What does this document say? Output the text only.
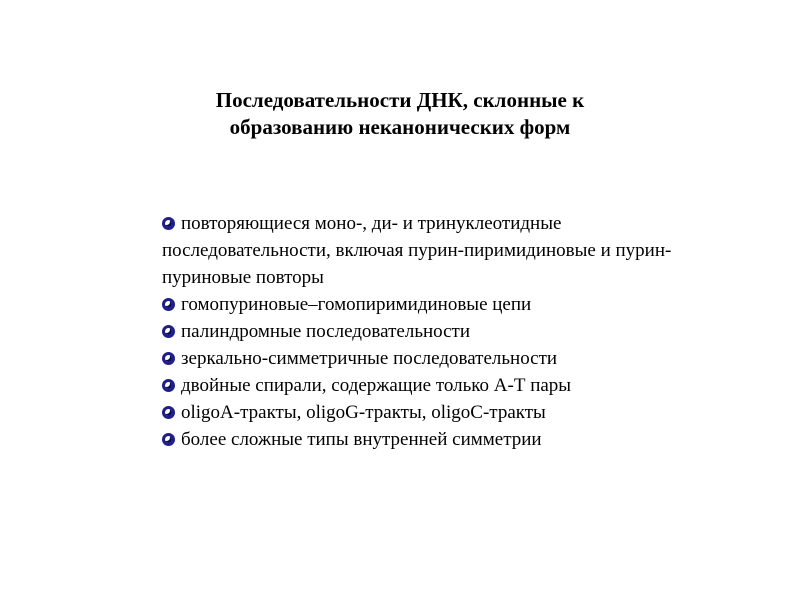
Последовательности ДНК, склонные к
образованию неканонических форм
повторяющиеся моно-, ди- и тринуклеотидные последовательности, включая пурин-пиримидиновые и пурин-пуриновые повторы
гомопуриновые–гомопиримидиновые цепи
палиндромные последовательности
зеркально-симметричные последовательности
двойные спирали, содержащие только А-Т пары
oligoA-тракты, oligoG-тракты, oligoC-тракты
более сложные типы внутренней симметрии
